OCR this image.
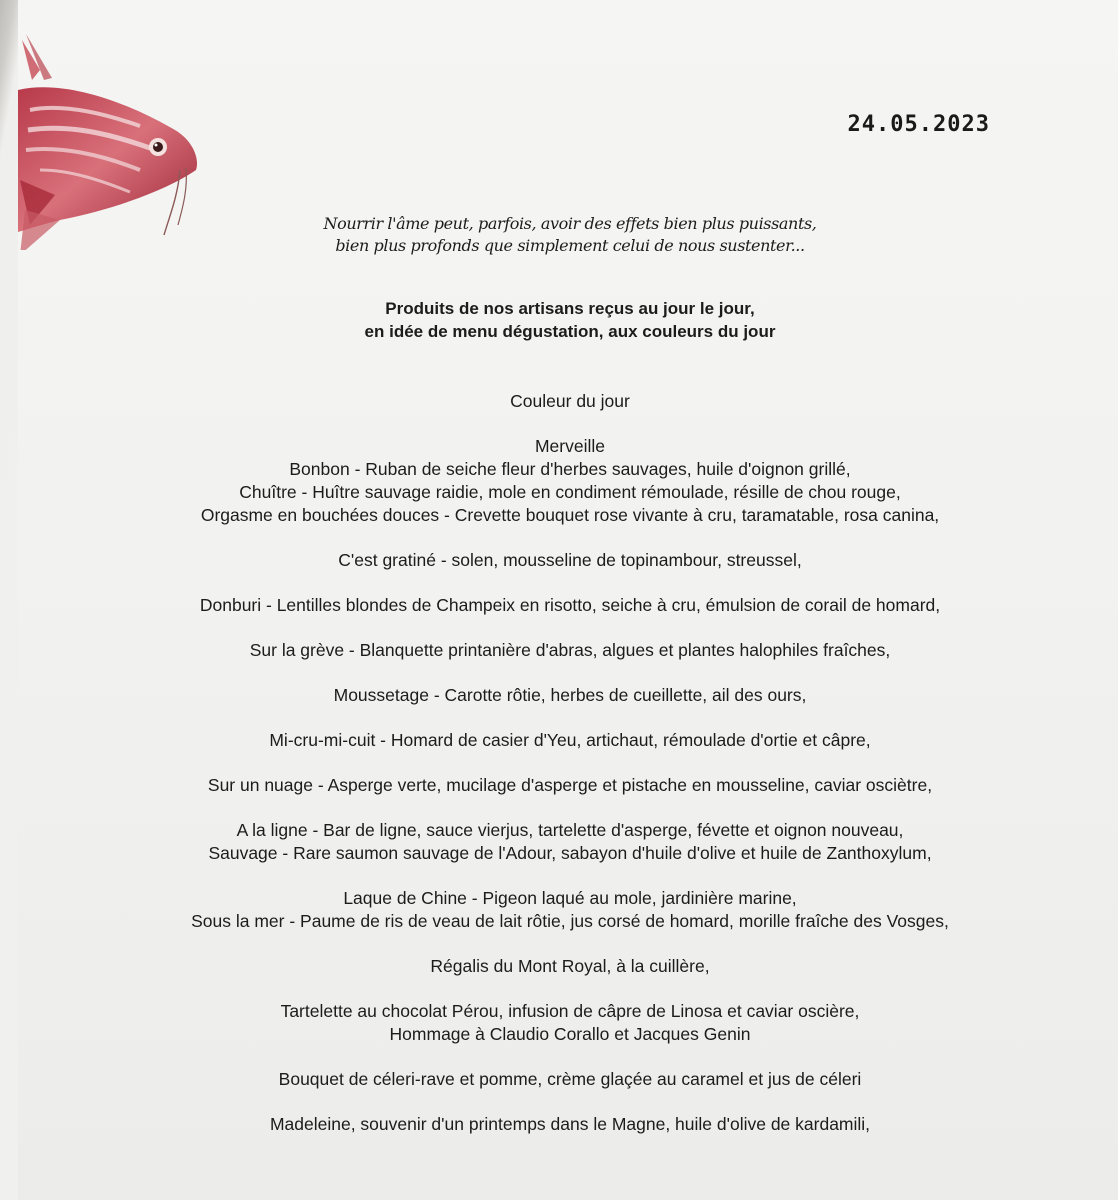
24.05.2023
Nourrir l'âme peut, parfois, avoir des effets bien plus puissants,
bien plus profonds que simplement celui de nous sustenter...
Produits de nos artisans reçus au jour le jour,
en idée de menu dégustation, aux couleurs du jour
Couleur du jour
Merveille
Bonbon - Ruban de seiche fleur d'herbes sauvages, huile d'oignon grillé,
Chuître - Huître sauvage raidie, mole en condiment rémoulade, résille de chou rouge,
Orgasme en bouchées douces - Crevette bouquet rose vivante à cru, taramatable, rosa canina,
C'est gratiné - solen, mousseline de topinambour, streussel,
Donburi - Lentilles blondes de Champeix en risotto, seiche à cru, émulsion de corail de homard,
Sur la grève - Blanquette printanière d'abras, algues et plantes halophiles fraîches,
Moussetage - Carotte rôtie, herbes de cueillette, ail des ours,
Mi-cru-mi-cuit - Homard de casier d'Yeu, artichaut, rémoulade d'ortie et câpre,
Sur un nuage - Asperge verte, mucilage d'asperge et pistache en mousseline, caviar osciètre,
A la ligne - Bar de ligne, sauce vierjus, tartelette d'asperge, févette et oignon nouveau,
Sauvage - Rare saumon sauvage de l'Adour, sabayon d'huile d'olive et huile de Zanthoxylum,
Laque de Chine - Pigeon laqué au mole, jardinière marine,
Sous la mer - Paume de ris de veau de lait rôtie, jus corsé de homard, morille fraîche des Vosges,
Régalis du Mont Royal, à la cuillère,
Tartelette au chocolat Pérou, infusion de câpre de Linosa et caviar oscière,
Hommage à Claudio Corallo et Jacques Genin
Bouquet de céleri-rave et pomme, crème glaçée au caramel et jus de céleri
Madeleine, souvenir d'un printemps dans le Magne, huile d'olive de kardamili,
